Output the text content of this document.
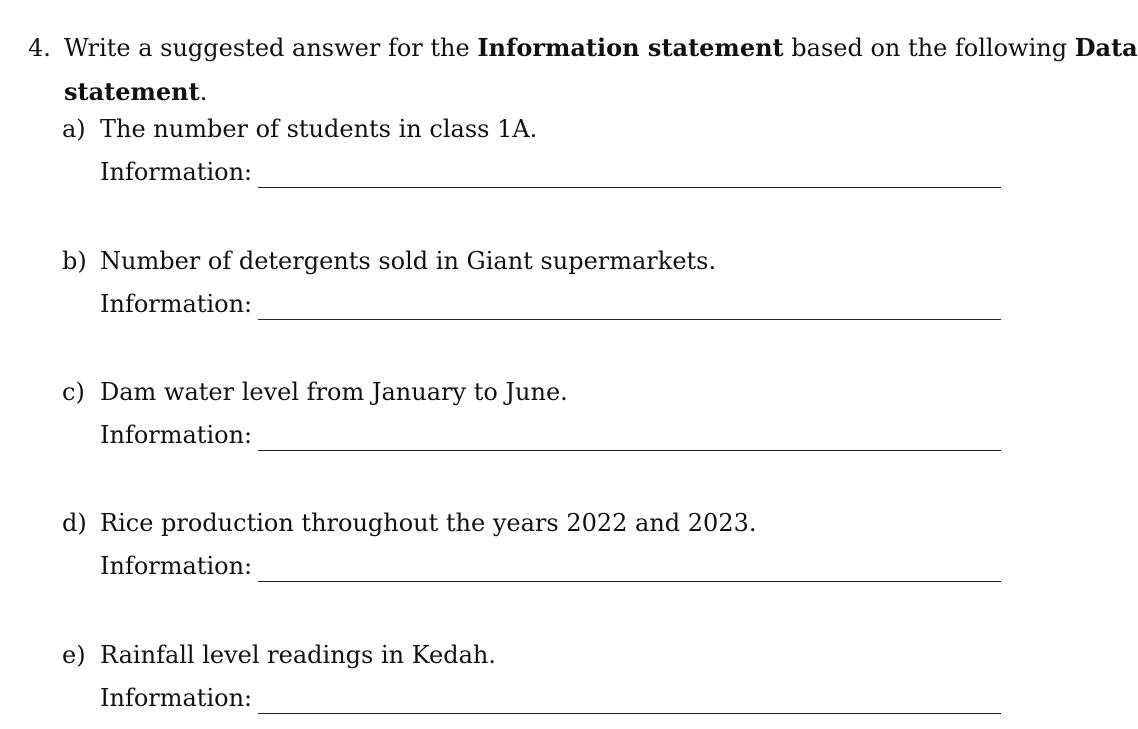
4. Write a suggested answer for the Information statement based on the following Data
statement.
a) The number of students in class 1A.
Information:
b) Number of detergents sold in Giant supermarkets.
Information:
c) Dam water level from January to June.
Information:
d) Rice production throughout the years 2022 and 2023.
Information:
e) Rainfall level readings in Kedah.
Information:
